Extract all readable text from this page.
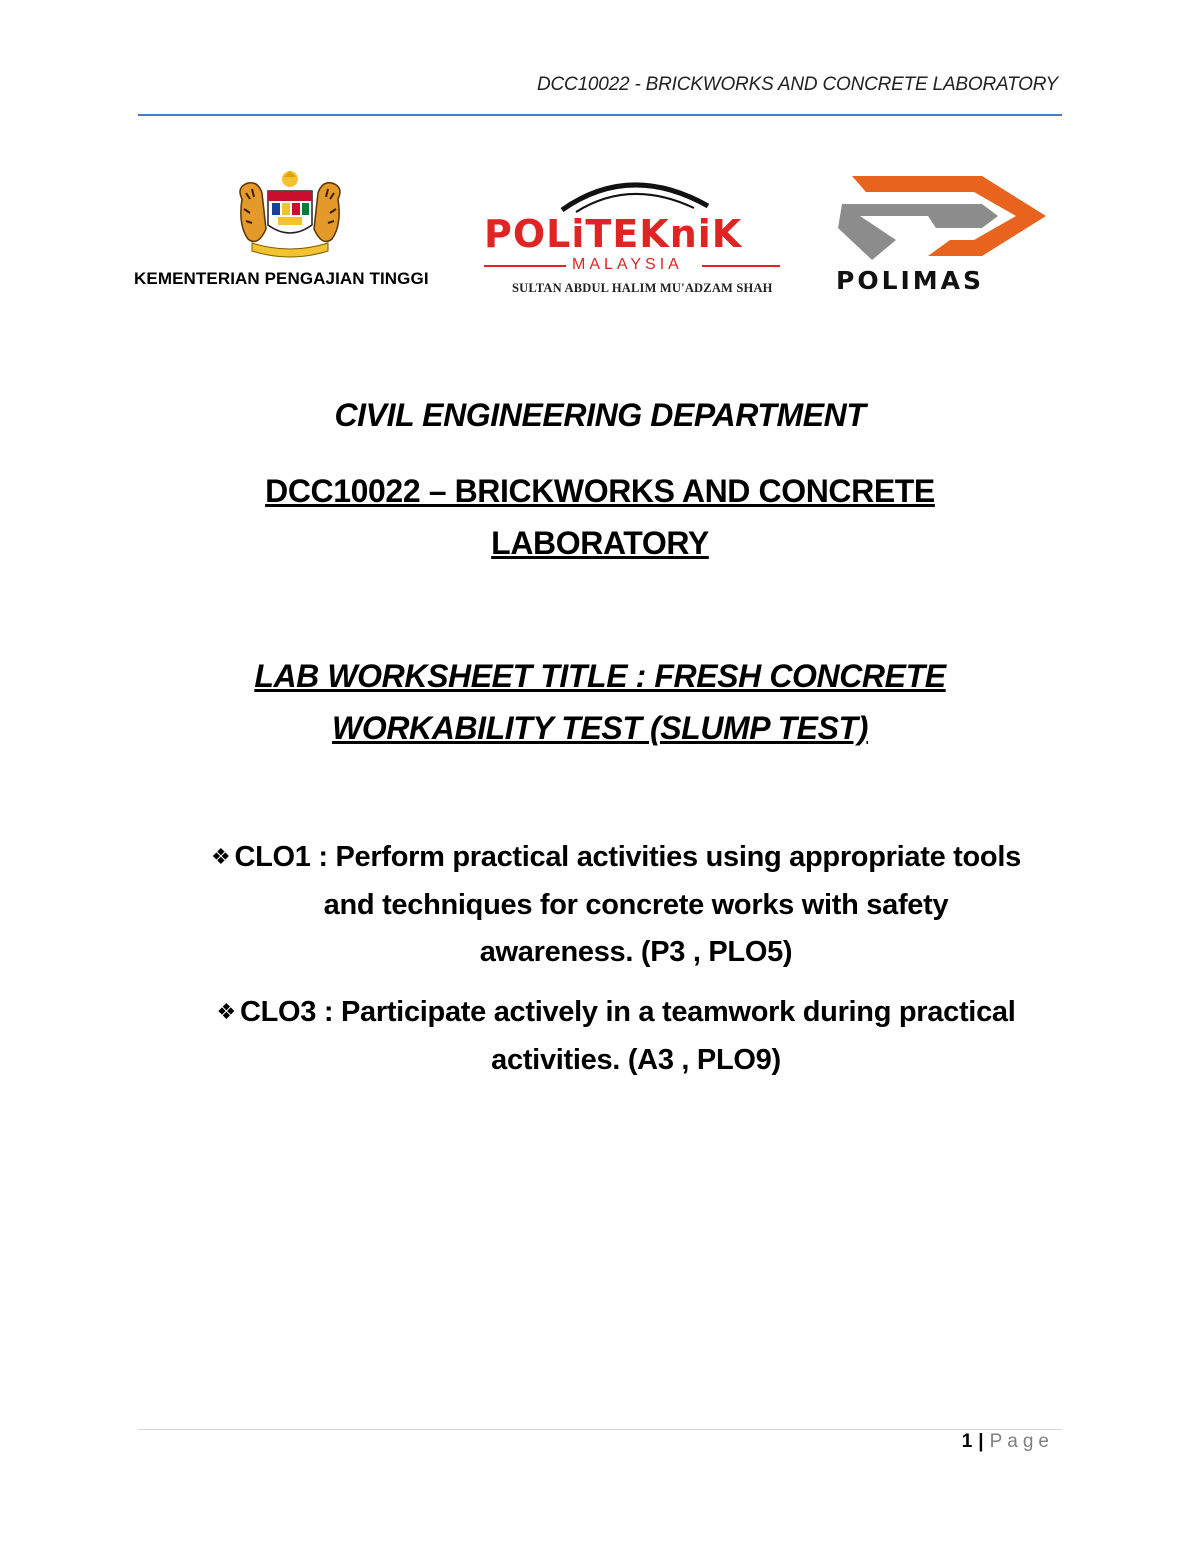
DCC10022 - BRICKWORKS AND CONCRETE LABORATORY
KEMENTERIAN PENGAJIAN TINGGI
POLiTEKniK
MALAYSIA
SULTAN ABDUL HALIM MU'ADZAM SHAH	POLIMAS
CIVIL ENGINEERING DEPARTMENT
DCC10022 – BRICKWORKS AND CONCRETE
LABORATORY
LAB WORKSHEET TITLE : FRESH CONCRETE
WORKABILITY TEST (SLUMP TEST)
❖ CLO1 : Perform practical activities using appropriate tools
and techniques for concrete works with safety
awareness. (P3 , PLO5)
❖ CLO3 : Participate actively in a teamwork during practical
activities. (A3 , PLO9)
1 | Page
